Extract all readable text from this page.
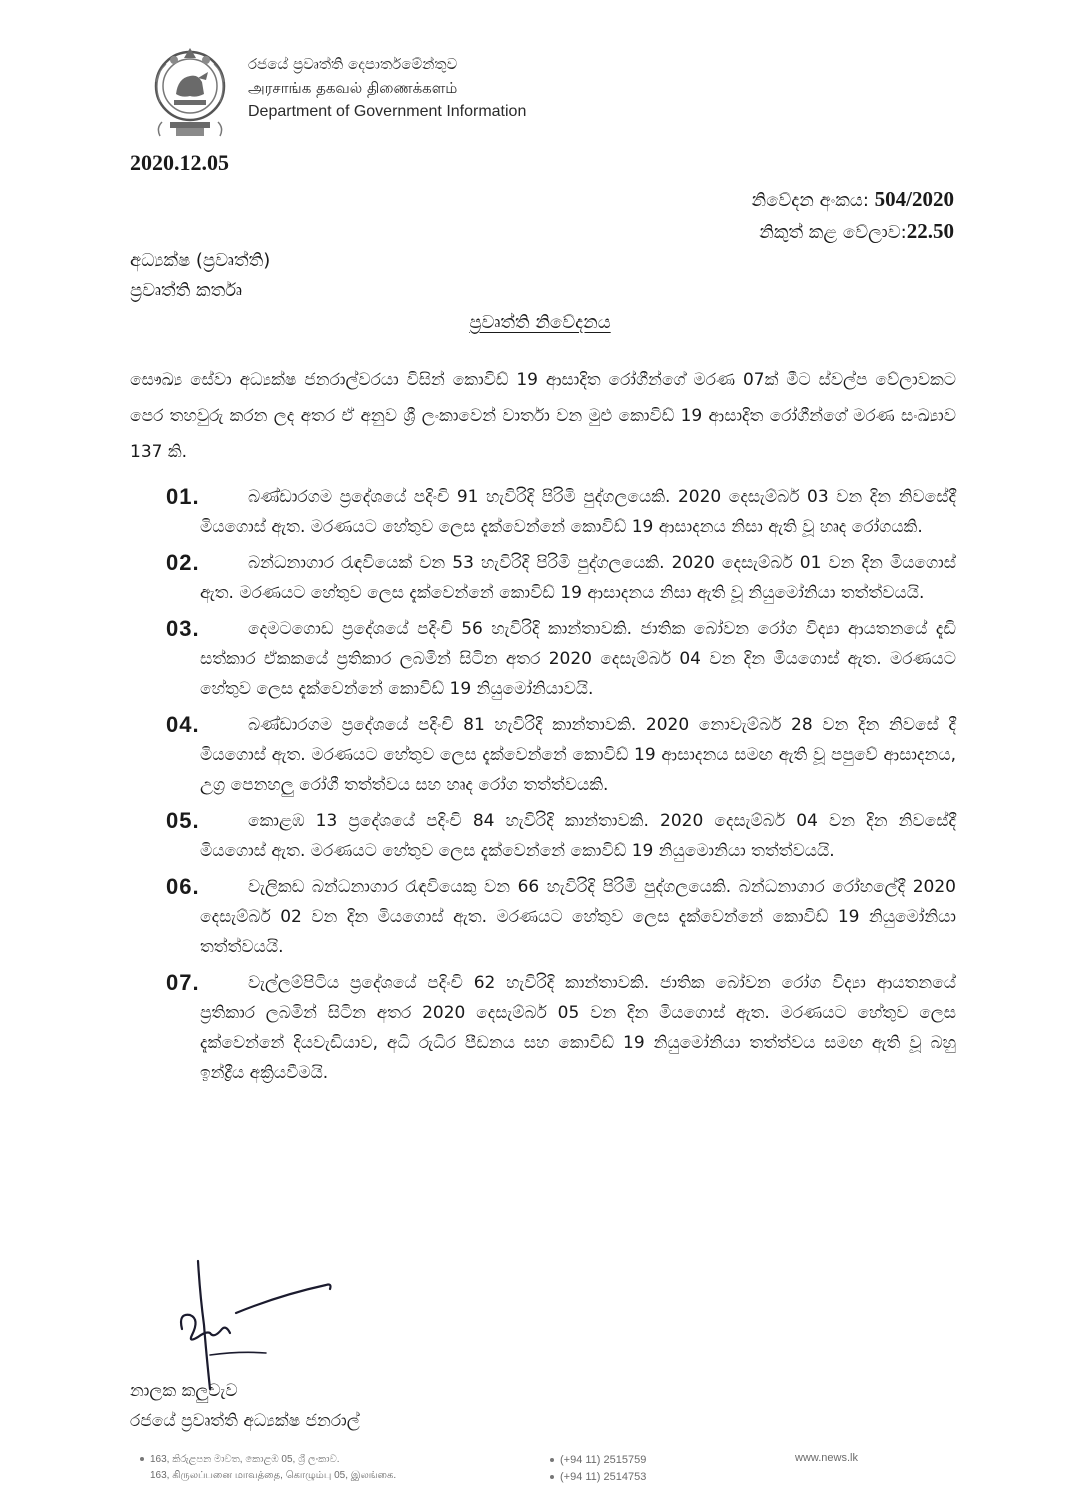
රජයේ ප්‍රවෘත්ති දෙපාර්තමේන්තුව
அரசாங்க தகவல் திணைக்களம்
Department of Government Information
2020.12.05
නිවේදන අංකය: 504/2020
නිකුත් කළ වේලාව:22.50
අධ්‍යක්ෂ (ප්‍රවෘත්ති)
ප්‍රවෘත්ති කර්තෘ
ප්‍රවෘත්ති නිවේදනය
සෞඛ්‍ය සේවා අධ්‍යක්ෂ ජනරාල්වරයා විසින් කොවිඩ් 19 ආසාදිත රෝගීන්ගේ මරණ 07ක් මීට ස්වල්ප වේලාවකට පෙර තහවුරු කරන ලද අතර ඒ අනුව ශ්‍රී ලංකාවෙන් වාර්තා වන මුළු කොවිඩ් 19 ආසාදිත රෝගීන්ගේ මරණ සංඛ්‍යාව 137 කි.
01.	බණ්ඩාරගම ප්‍රදේශයේ පදිංචි 91 හැවිරිදි පිරිමි පුද්ගලයෙකි. 2020 දෙසැම්බර් 03 වන දින නිවසේදී මියගොස් ඇත. මරණයට හේතුව ලෙස දැක්වෙන්නේ කොවිඩ් 19 ආසාදනය නිසා ඇති වූ හෘද රෝගයකි.
02.	බන්ධනාගාර රැඳවියෙක් වන 53 හැවිරිදි පිරිමි පුද්ගලයෙකි. 2020 දෙසැම්බර් 01 වන දින මියගොස් ඇත. මරණයට හේතුව ලෙස දැක්වෙන්නේ කොවිඩ් 19 ආසාදනය නිසා ඇති වූ නියුමෝනියා තත්ත්වයයි.
03.	දෙමටගොඩ ප්‍රදේශයේ පදිංචි 56 හැවිරිදි කාන්තාවකි. ජාතික බෝවන රෝග විද්‍යා ආයතනයේ දැඩි සත්කාර ඒකකයේ ප්‍රතිකාර ලබමින් සිටින අතර 2020 දෙසැම්බර් 04 වන දින මියගොස් ඇත. මරණයට හේතුව ලෙස දැක්වෙන්නේ කොවිඩ් 19 නියුමෝනියාවයි.
04.	බණ්ඩාරගම ප්‍රදේශයේ පදිංචි 81 හැවිරිදි කාන්තාවකි. 2020 නොවැම්බර් 28 වන දින නිවසේ දී මියගොස් ඇත. මරණයට හේතුව ලෙස දැක්වෙන්නේ කොවිඩ් 19 ආසාදනය සමඟ ඇති වූ පපුවේ ආසාදනය, උග්‍ර පෙනහලු රෝගී තත්ත්වය සහ හෘද රෝග තත්ත්වයකි.
05.	කොළඹ 13 ප්‍රදේශයේ පදිංචි 84 හැවිරිදි කාන්තාවකි. 2020 දෙසැම්බර් 04 වන දින නිවසේදී මියගොස් ඇත. මරණයට හේතුව ලෙස දැක්වෙන්නේ කොවිඩ් 19 නියුමොනියා තත්ත්වයයි.
06.	වැලිකඩ බන්ධනාගාර රැඳවියෙකු වන 66 හැවිරිදි පිරිමි පුද්ගලයෙකි. බන්ධනාගාර රෝහලේදී 2020 දෙසැම්බර් 02 වන දින මියගොස් ඇත. මරණයට හේතුව ලෙස දැක්වෙන්නේ කොවිඩ් 19 නියුමෝනියා තත්ත්වයයි.
07.	වැල්ලම්පිටිය ප්‍රදේශයේ පදිංචි 62 හැවිරිදි කාන්තාවකි. ජාතික බෝවන රෝග විද්‍යා ආයතනයේ ප්‍රතිකාර ලබමින් සිටින අතර 2020 දෙසැම්බර් 05 වන දින මියගොස් ඇත. මරණයට හේතුව ලෙස දැක්වෙන්නේ දියවැඩියාව, අධි රුධිර පීඩනය සහ කොවිඩ් 19 නියුමෝනියා තත්ත්වය සමඟ ඇති වූ බහු ඉන්ද්‍රීය අක්‍රියවීමයි.
නාලක කලුවැව
රජයේ ප්‍රවෘත්ති අධ්‍යක්ෂ ජනරාල්
163, කිරුළපන මාවත, කොළඹ 05, ශ්‍රී ලංකාව.
163, கிருலப்பனை மாவத்தை, கொழும்பு 05, இலங்கை.
(+94 11) 2515759
(+94 11) 2514753
www.news.lk
